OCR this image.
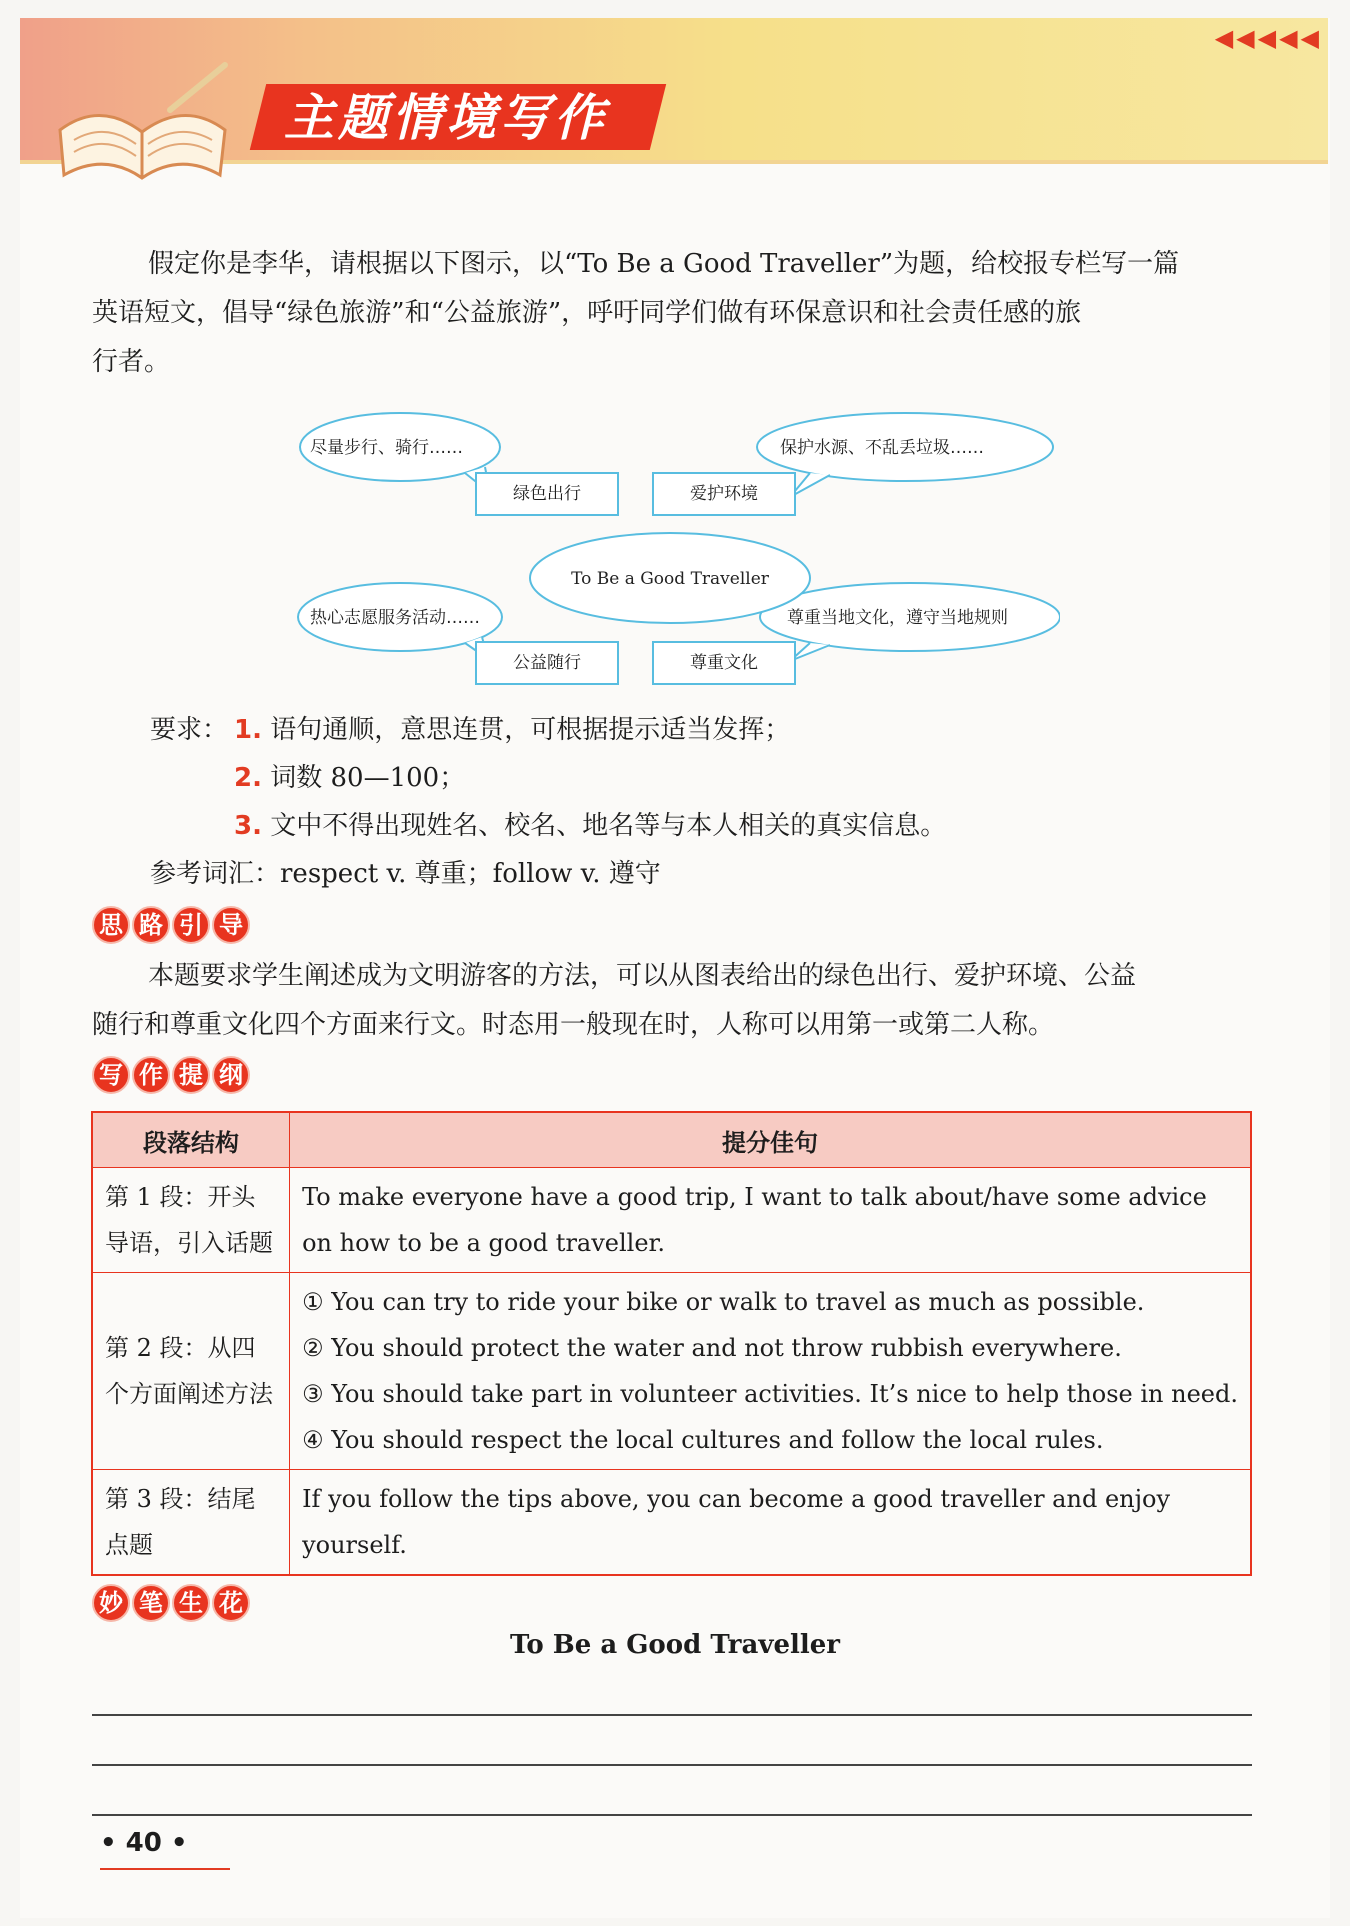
主题情境写作
◀◀◀◀◀
假定你是李华，请根据以下图示，以“To Be a Good Traveller”为题，给校报专栏写一篇
英语短文，倡导“绿色旅游”和“公益旅游”，呼吁同学们做有环保意识和社会责任感的旅
行者。
尽量步行、骑行……	保护水源、不乱丢垃圾……
热心志愿服务活动……	尊重当地文化，遵守当地规则
To Be a Good Traveller
绿色出行	爱护环境
公益随行	尊重文化
要求： 1. 语句通顺，意思连贯，可根据提示适当发挥；
2. 词数 80—100；
3. 文中不得出现姓名、校名、地名等与本人相关的真实信息。
参考词汇：respect v. 尊重；follow v. 遵守
思 路 引 导
本题要求学生阐述成为文明游客的方法，可以从图表给出的绿色出行、爱护环境、公益
随行和尊重文化四个方面来行文。时态用一般现在时，人称可以用第一或第二人称。
写 作 提 纲
段落结构	提分佳句
第 1 段：开头导语，引入话题	To make everyone have a good trip, I want to talk about/have some advice on how to be a good traveller.
第 2 段：从四个方面阐述方法	① You can try to ride your bike or walk to travel as much as possible.
② You should protect the water and not throw rubbish everywhere.
③ You should take part in volunteer activities. It’s nice to help those in need.
④ You should respect the local cultures and follow the local rules.

第 3 段：结尾点题	If you follow the tips above, you can become a good traveller and enjoy yourself.
妙 笔 生 花
To Be a Good Traveller
• 40 •
